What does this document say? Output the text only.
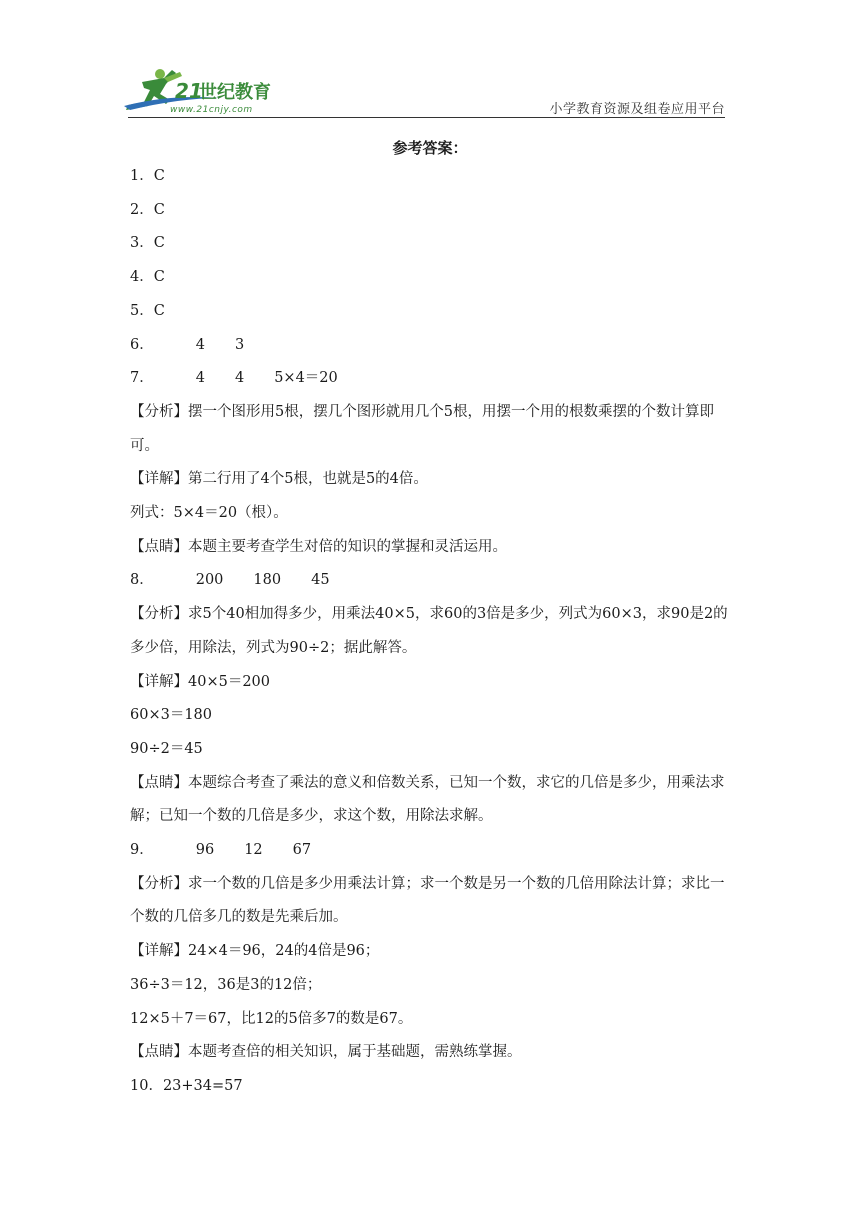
21
世纪教育
www.21cnjy.com	小学教育资源及组卷应用平台
参考答案：
1．C
2．C
3．C
4．C
5．C
6．	4 3
7．	4 4 5×4＝20
【分析】摆一个图形用5根，摆几个图形就用几个5根，用摆一个用的根数乘摆的个数计算即可。
【详解】第二行用了4个5根，也就是5的4倍。
列式：5×4＝20（根）。
【点睛】本题主要考查学生对倍的知识的掌握和灵活运用。
8．	200 180 45
【分析】求5个40相加得多少，用乘法40×5，求60的3倍是多少，列式为60×3，求90是2的多少倍，用除法，列式为90÷2；据此解答。
【详解】40×5＝200
60×3＝180
90÷2＝45
【点睛】本题综合考查了乘法的意义和倍数关系，已知一个数，求它的几倍是多少，用乘法求解；已知一个数的几倍是多少，求这个数，用除法求解。
9．	96 12 67
【分析】求一个数的几倍是多少用乘法计算；求一个数是另一个数的几倍用除法计算；求比一个数的几倍多几的数是先乘后加。
【详解】24×4＝96，24的4倍是96；
36÷3＝12，36是3的12倍；
12×5＋7＝67，比12的5倍多7的数是67。
【点睛】本题考查倍的相关知识，属于基础题，需熟练掌握。
10．23+34=57
